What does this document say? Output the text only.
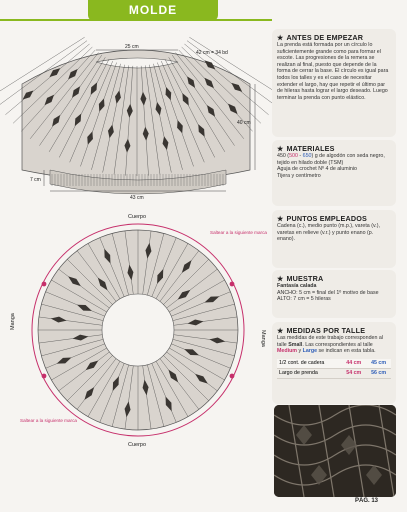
MOLDE
25 cm
42 cm = 34 bd
40 cm
7 cm
43 cm
Cuerpo
Cuerpo
Manga
Manga
Saltear a la siguiente marca
Saltear a la siguiente marca
★ ANTES DE EMPEZAR

La prenda está formada por un círculo lo suficientemente grande como para formar el escote. Las progresiones de la remera se realizan al final, puesto que depende de la forma de cerrar la base. El círculo es igual para todos los talles y es el caso de necesitar extender el largo, hay que repetir el último par de hileras hasta lograr el largo deseado. Luego terminar la prenda con punto elástico.

★ MATERIALES

450 (500 - 650) g de algodón con seda negro, tejido en hilado doble (TSM)

Aguja de crochet Nº 4 de aluminio

Tijera y centímetro

★ PUNTOS EMPLEADOS

Cadena (c.), medio punto (m.p.), vareta (v.), varetas en relieve (v.r.) y punto enano (p. enano).

★ MUESTRA

Fantasía calada

ANCHO: 5 cm = final del 1º motivo de base

ALTO: 7 cm = 5 hileras

★ MEDIDAS POR TALLE

Las medidas de este trabajo corresponden al talle Small. Las correspondientes al talle Medium y Large se indican en esta tabla.

1/2 cont. de cadera	44 cm	45 cm
Largo de prenda	54 cm	56 cm
PÁG. 13
